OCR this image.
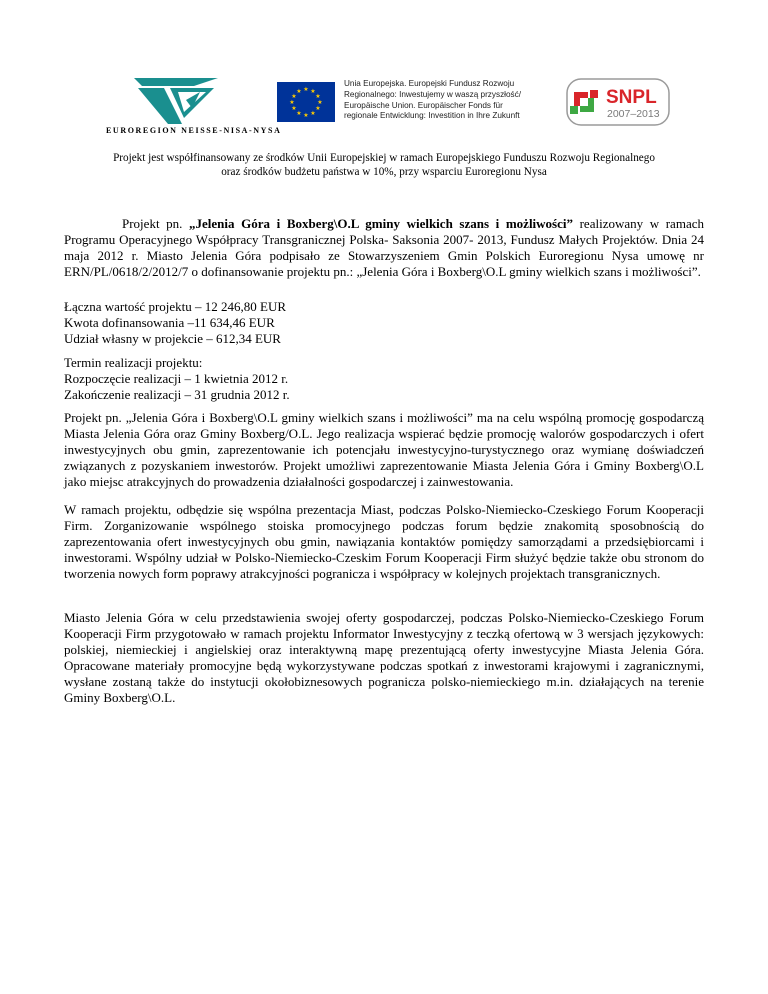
EUROREGION NEISSE-NISA-NYSA
★ ★
★
★
★
★
★
★
★
★
★
★
Unia Europejska. Europejski Fundusz Rozwoju
Regionalnego: Inwestujemy w waszą przyszłość/
Europäische Union. Europäischer Fonds für
regionale Entwicklung: Investition in Ihre Zukunft
SNPL
2007–2013
Projekt jest współfinansowany ze środków Unii Europejskiej w ramach Europejskiego Funduszu Rozwoju Regionalnego
oraz środków budżetu państwa w 10%, przy wsparciu Euroregionu Nysa

Projekt pn. „Jelenia Góra i Boxberg\O.L gminy wielkich szans i możliwości” realizowany w ramach Programu Operacyjnego Współpracy Transgranicznej Polska- Saksonia 2007- 2013, Fundusz Małych Projektów. Dnia 24 maja 2012 r. Miasto Jelenia Góra podpisało ze Stowarzyszeniem Gmin Polskich Euroregionu Nysa umowę nr ERN/PL/0618/2/2012/7 o dofinansowanie projektu pn.: „Jelenia Góra i Boxberg\O.L gminy wielkich szans i możliwości”.

Łączna wartość projektu – 12 246,80 EUR

Kwota dofinansowania –11 634,46 EUR

Udział własny w projekcie – 612,34 EUR

Termin realizacji projektu:

Rozpoczęcie realizacji – 1 kwietnia 2012 r.

Zakończenie realizacji – 31 grudnia 2012 r.

Projekt pn. „Jelenia Góra i Boxberg\O.L gminy wielkich szans i możliwości” ma na celu wspólną promocję gospodarczą Miasta Jelenia Góra oraz Gminy Boxberg/O.L. Jego realizacja wspierać będzie promocję walorów gospodarczych i ofert inwestycyjnych obu gmin, zaprezentowanie ich potencjału inwestycyjno-turystycznego oraz wymianę doświadczeń związanych z pozyskaniem inwestorów. Projekt umożliwi zaprezentowanie Miasta Jelenia Góra i Gminy Boxberg\O.L jako miejsc atrakcyjnych do prowadzenia działalności gospodarczej i zainwestowania.

W ramach projektu, odbędzie się wspólna prezentacja Miast, podczas Polsko-Niemiecko-Czeskiego Forum Kooperacji Firm. Zorganizowanie wspólnego stoiska promocyjnego podczas forum będzie znakomitą sposobnością do zaprezentowania ofert inwestycyjnych obu gmin, nawiązania kontaktów pomiędzy samorządami a przedsiębiorcami i inwestorami. Wspólny udział w Polsko-Niemiecko-Czeskim Forum Kooperacji Firm służyć będzie także obu stronom do tworzenia nowych form poprawy atrakcyjności pogranicza i współpracy w kolejnych projektach transgranicznych.

Miasto Jelenia Góra w celu przedstawienia swojej oferty gospodarczej, podczas Polsko-Niemiecko-Czeskiego Forum Kooperacji Firm przygotowało w ramach projektu Informator Inwestycyjny z teczką ofertową w 3 wersjach językowych: polskiej, niemieckiej i angielskiej oraz interaktywną mapę prezentującą oferty inwestycyjne Miasta Jelenia Góra. Opracowane materiały promocyjne będą wykorzystywane podczas spotkań z inwestorami krajowymi i zagranicznymi, wysłane zostaną także do instytucji okołobiznesowych pogranicza polsko-niemieckiego m.in. działających na terenie Gminy Boxberg\O.L.
